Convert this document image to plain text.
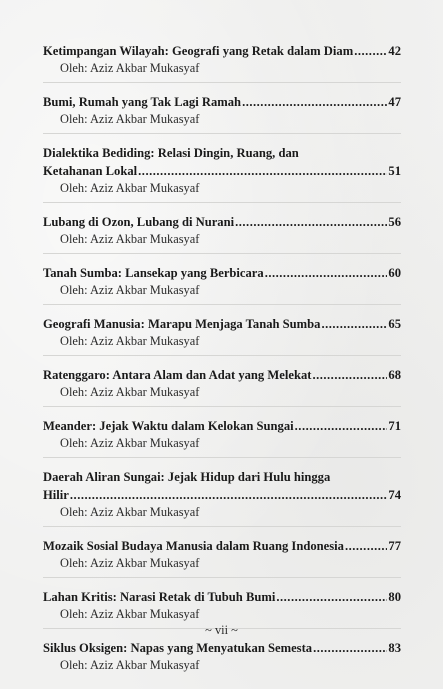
Ketimpangan Wilayah: Geografi yang Retak dalam Diam .....	42
Oleh: Aziz Akbar Mukasyaf
Bumi, Rumah yang Tak Lagi Ramah .....	47
Oleh: Aziz Akbar Mukasyaf
Dialektika Bediding: Relasi Dingin, Ruang, dan
Ketahanan Lokal .....	51
Oleh: Aziz Akbar Mukasyaf
Lubang di Ozon, Lubang di Nurani .....	56
Oleh: Aziz Akbar Mukasyaf
Tanah Sumba: Lansekap yang Berbicara .....	60
Oleh: Aziz Akbar Mukasyaf
Geografi Manusia: Marapu Menjaga Tanah Sumba .....	65
Oleh: Aziz Akbar Mukasyaf
Ratenggaro: Antara Alam dan Adat yang Melekat .....	68
Oleh: Aziz Akbar Mukasyaf
Meander: Jejak Waktu dalam Kelokan Sungai .....	71
Oleh: Aziz Akbar Mukasyaf
Daerah Aliran Sungai: Jejak Hidup dari Hulu hingga
Hilir .....	74
Oleh: Aziz Akbar Mukasyaf
Mozaik Sosial Budaya Manusia dalam Ruang Indonesia .....	77
Oleh: Aziz Akbar Mukasyaf
Lahan Kritis: Narasi Retak di Tubuh Bumi .....	80
Oleh: Aziz Akbar Mukasyaf
Siklus Oksigen: Napas yang Menyatukan Semesta .....	83
Oleh: Aziz Akbar Mukasyaf
~ vii ~
